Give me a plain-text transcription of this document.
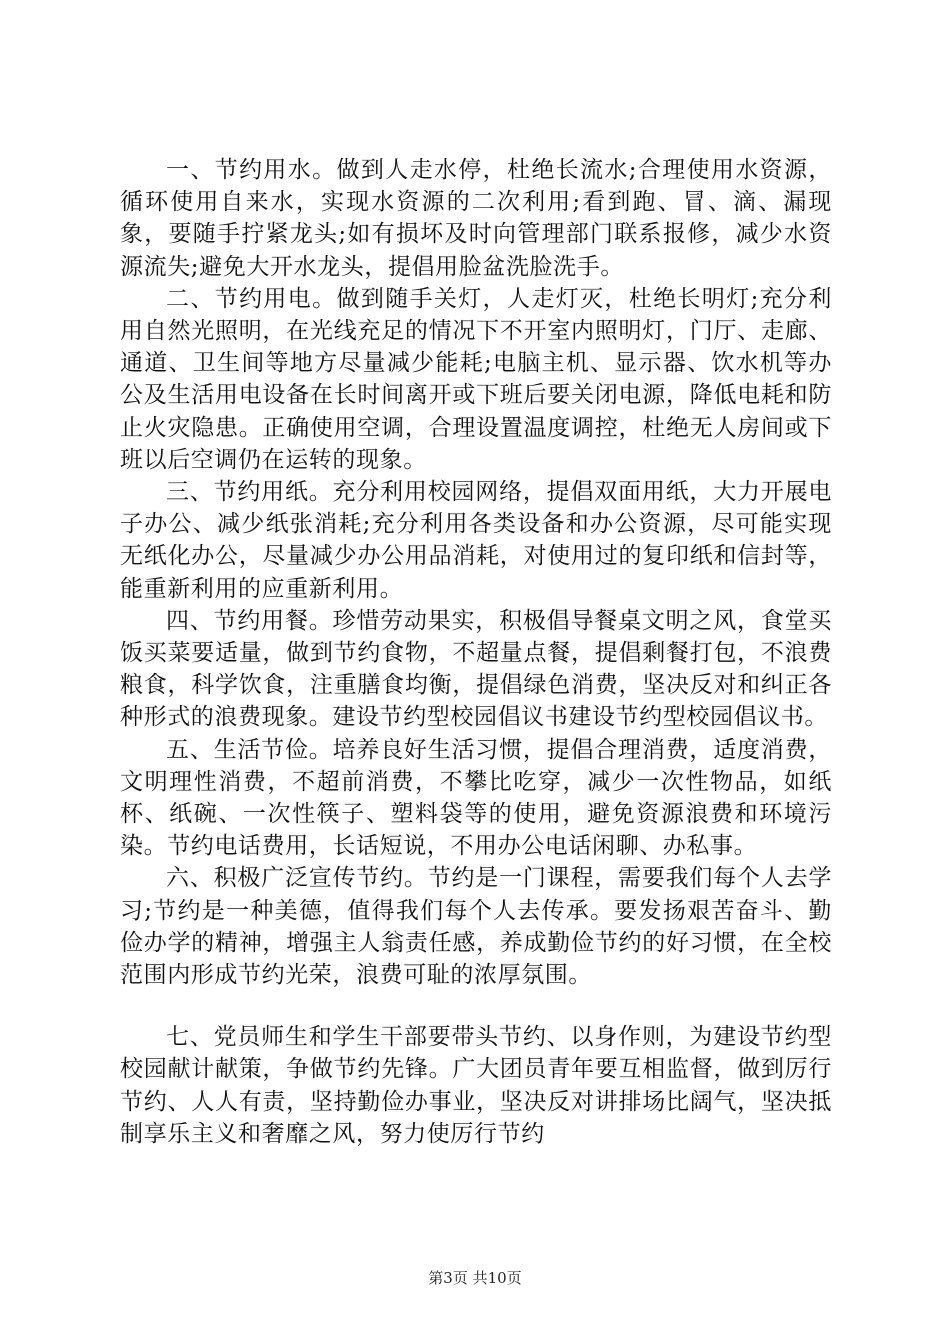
一、节约用水。做到人走水停，杜绝长流水;合理使用水资源，循环使用自来水，实现水资源的二次利用;看到跑、冒、滴、漏现象，要随手拧紧龙头;如有损坏及时向管理部门联系报修，减少水资源流失;避免大开水龙头，提倡用脸盆洗脸洗手。

二、节约用电。做到随手关灯，人走灯灭，杜绝长明灯;充分利用自然光照明，在光线充足的情况下不开室内照明灯，门厅、走廊、通道、卫生间等地方尽量减少能耗;电脑主机、显示器、饮水机等办公及生活用电设备在长时间离开或下班后要关闭电源，降低电耗和防止火灾隐患。正确使用空调，合理设置温度调控，杜绝无人房间或下班以后空调仍在运转的现象。

三、节约用纸。充分利用校园网络，提倡双面用纸，大力开展电子办公、减少纸张消耗;充分利用各类设备和办公资源，尽可能实现无纸化办公，尽量减少办公用品消耗，对使用过的复印纸和信封等，能重新利用的应重新利用。

四、节约用餐。珍惜劳动果实，积极倡导餐桌文明之风，食堂买饭买菜要适量，做到节约食物，不超量点餐，提倡剩餐打包，不浪费粮食，科学饮食，注重膳食均衡，提倡绿色消费，坚决反对和纠正各种形式的浪费现象。建设节约型校园倡议书建设节约型校园倡议书。

五、生活节俭。培养良好生活习惯，提倡合理消费，适度消费，文明理性消费，不超前消费，不攀比吃穿，减少一次性物品，如纸杯、纸碗、一次性筷子、塑料袋等的使用，避免资源浪费和环境污染。节约电话费用，长话短说，不用办公电话闲聊、办私事。

六、积极广泛宣传节约。节约是一门课程，需要我们每个人去学习;节约是一种美德，值得我们每个人去传承。要发扬艰苦奋斗、勤俭办学的精神，增强主人翁责任感，养成勤俭节约的好习惯，在全校范围内形成节约光荣，浪费可耻的浓厚氛围。

七、党员师生和学生干部要带头节约、以身作则，为建设节约型校园献计献策，争做节约先锋。广大团员青年要互相监督，做到厉行节约、人人有责，坚持勤俭办事业，坚决反对讲排场比阔气，坚决抵制享乐主义和奢靡之风，努力使厉行节约

第3页 共10页
